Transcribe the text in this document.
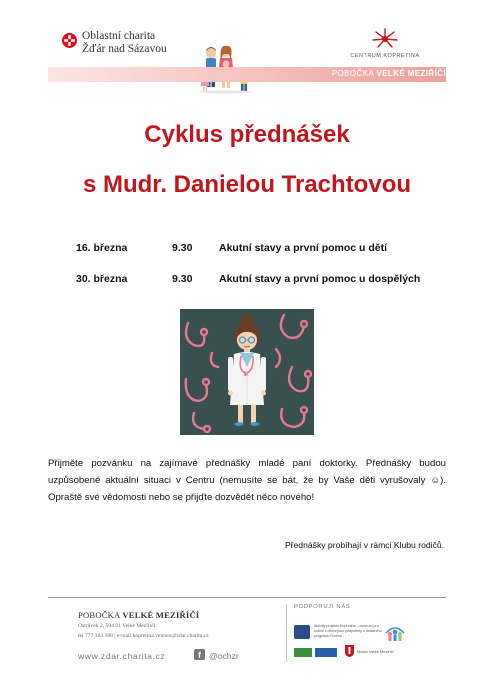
Oblastní charita
Žďár nad Sázavou
CENTRUM KOPRETINA
POBOČKA VELKÉ MEZIŘÍČÍ
Cyklus přednášek
s Mudr. Danielou Trachtovou
16. března	9.30	Akutní stavy a první pomoc u dětí
30. března	9.30	Akutní stavy a první pomoc u dospělých
Přijměte pozvánku na zajímavé přednášky mladé paní doktorky. Přednášky budou uzpůsobené aktuální situaci v Centru (nemusíte se bát, že by Vaše děti vyrušovaly ☺). Opraště své vědomosti nebo se přijďte dozvědět něco nového!
Přednášky probíhají v rámci Klubu rodičů.
POBOČKA VELKÉ MEZIŘÍČÍ
Ostrůvek 2, 594 01 Velké Meziříčí
tel 777 183 388 | e-mail kopretina.velmez@zdar.charita.cz
www.zdar.charita.cz	f @ochzr
PODPORUJÍ NÁS
Aktivity projektu Kopretina – centrum pro rodiče s dětmi jsou podpořeny z dotačního programu Rodina.
Město Velké Meziříčí
